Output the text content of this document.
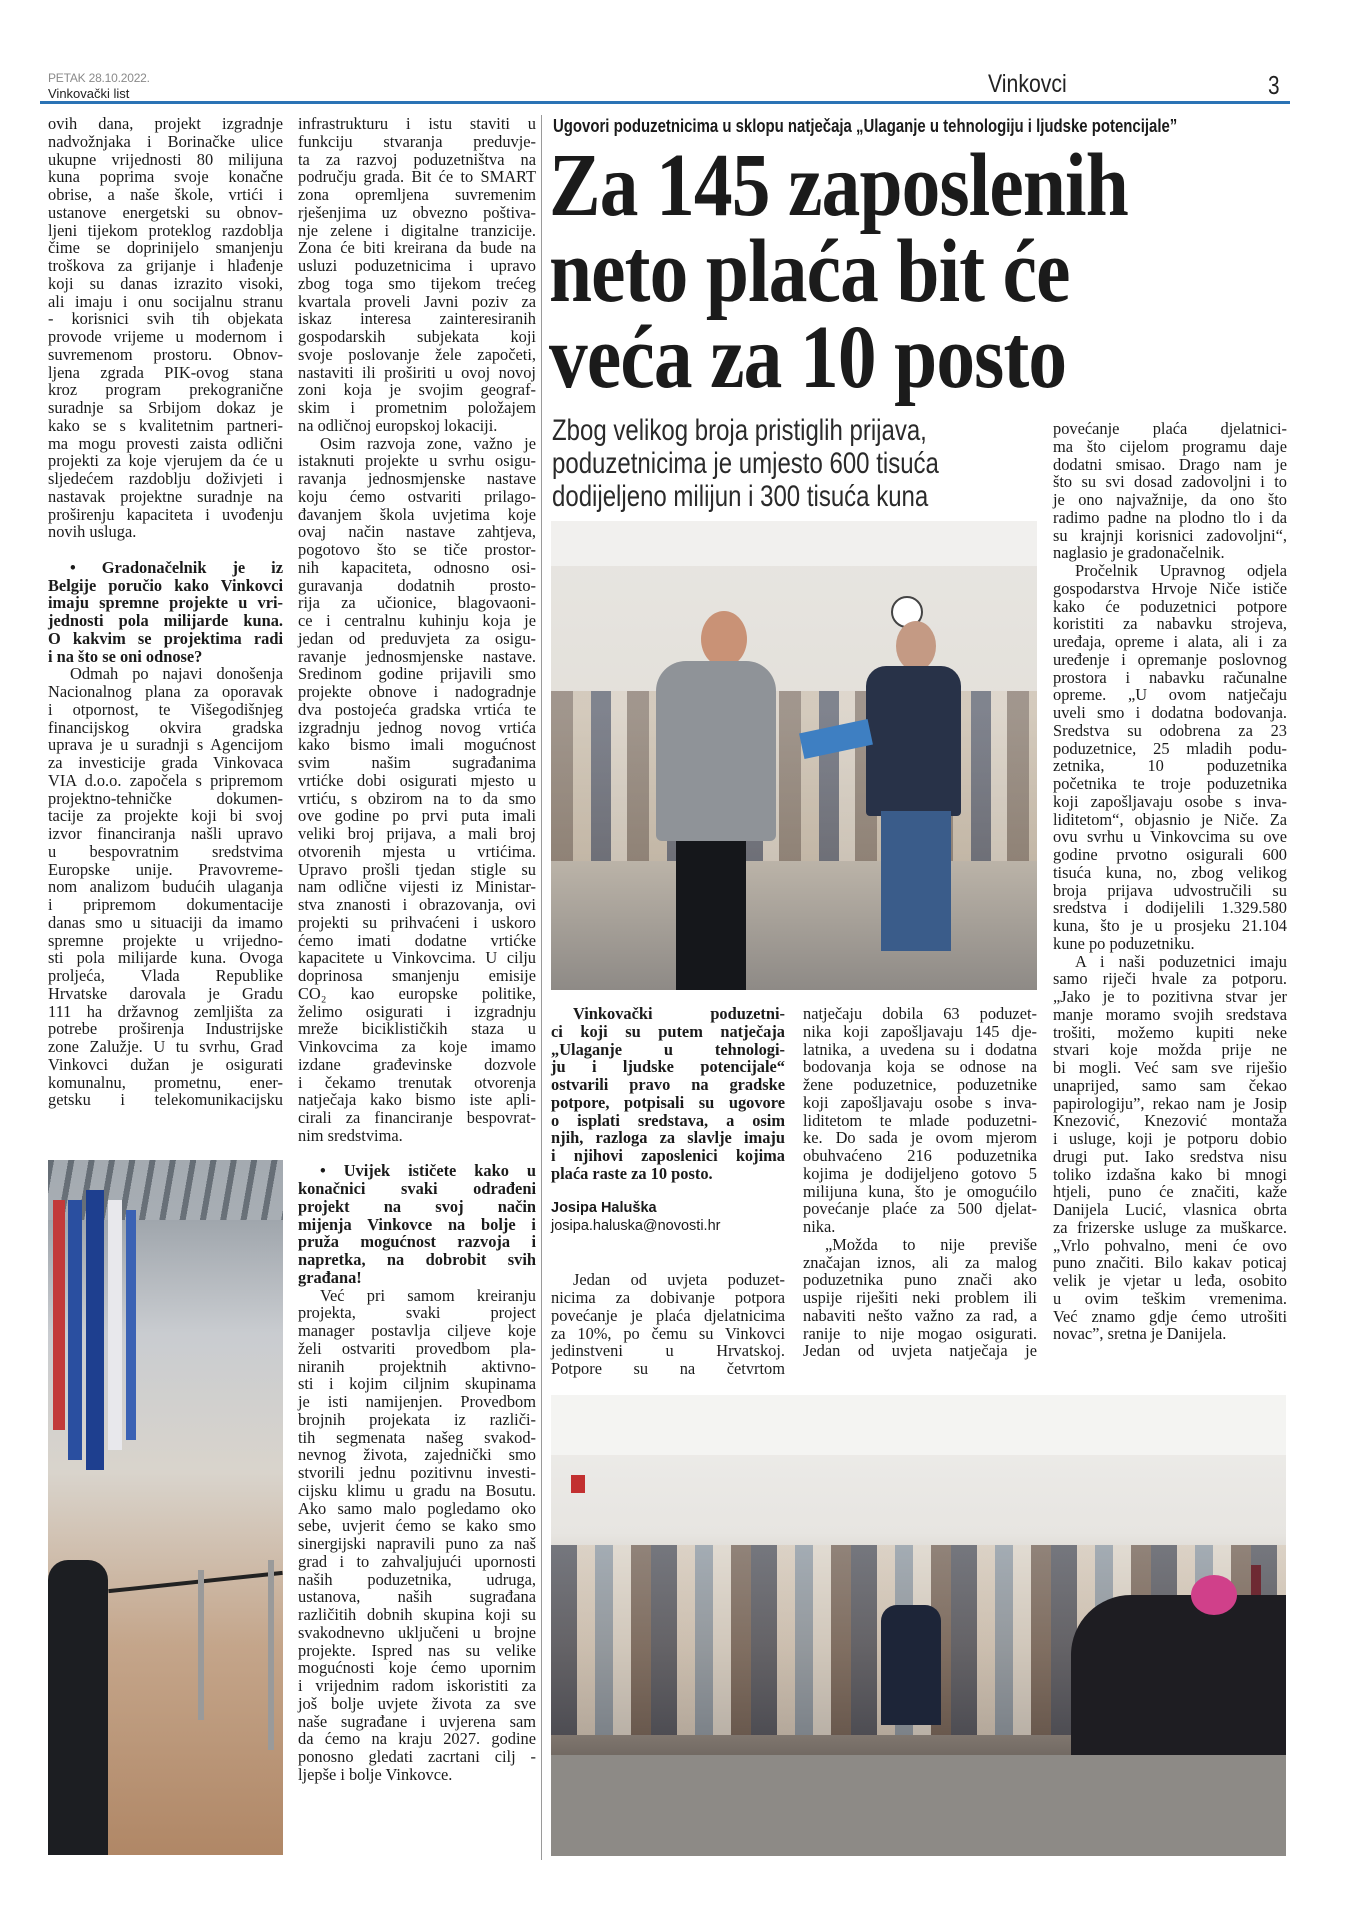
PETAK 28.10.2022.
Vinkovački list	Vinkovci	3
ovih dana, projekt izgradnje
nadvožnjaka i Borinačke ulice
ukupne vrijednosti 80 milijuna
kuna poprima svoje konačne
obrise, a naše škole, vrtići i
ustanove energetski su obnov-
ljeni tijekom proteklog razdoblja
čime se doprinijelo smanjenju
troškova za grijanje i hlađenje
koji su danas izrazito visoki,
ali imaju i onu socijalnu stranu
- korisnici svih tih objekata
provode vrijeme u modernom i
suvremenom prostoru. Obnov-
ljena zgrada PIK-ovog stana
kroz program prekogranične
suradnje sa Srbijom dokaz je
kako se s kvalitetnim partneri-
ma mogu provesti zaista odlični
projekti za koje vjerujem da će u
sljedećem razdoblju doživjeti i
nastavak projektne suradnje na
proširenju kapaciteta i uvođenju
novih usluga.
• Gradonačelnik je iz
Belgije poručio kako Vinkovci
imaju spremne projekte u vri-
jednosti pola milijarde kuna.
O kakvim se projektima radi
i na što se oni odnose?
Odmah po najavi donošenja
Nacionalnog plana za oporavak
i otpornost, te Višegodišnjeg
financijskog okvira gradska
uprava je u suradnji s Agencijom
za investicije grada Vinkovaca
VIA d.o.o. započela s pripremom
projektno-tehničke dokumen-
tacije za projekte koji bi svoj
izvor financiranja našli upravo
u bespovratnim sredstvima
Europske unije. Pravovreme-
nom analizom budućih ulaganja
i pripremom dokumentacije
danas smo u situaciji da imamo
spremne projekte u vrijedno-
sti pola milijarde kuna. Ovoga
proljeća, Vlada Republike
Hrvatske darovala je Gradu
111 ha državnog zemljišta za
potrebe proširenja Industrijske
zone Zalužje. U tu svrhu, Grad
Vinkovci dužan je osigurati
komunalnu, prometnu, ener-
getsku i telekomunikacijsku
infrastrukturu i istu staviti u
funkciju stvaranja preduvje-
ta za razvoj poduzetništva na
području grada. Bit će to SMART
zona opremljena suvremenim
rješenjima uz obvezno poštiva-
nje zelene i digitalne tranzicije.
Zona će biti kreirana da bude na
usluzi poduzetnicima i upravo
zbog toga smo tijekom trećeg
kvartala proveli Javni poziv za
iskaz interesa zainteresiranih
gospodarskih subjekata koji
svoje poslovanje žele započeti,
nastaviti ili proširiti u ovoj novoj
zoni koja je svojim geograf-
skim i prometnim položajem
na odličnoj europskoj lokaciji.
Osim razvoja zone, važno je
istaknuti projekte u svrhu osigu-
ravanja jednosmjenske nastave
koju ćemo ostvariti prilago-
đavanjem škola uvjetima koje
ovaj način nastave zahtjeva,
pogotovo što se tiče prostor-
nih kapaciteta, odnosno osi-
guravanja dodatnih prosto-
rija za učionice, blagovaoni-
ce i centralnu kuhinju koja je
jedan od preduvjeta za osigu-
ravanje jednosmjenske nastave.
Sredinom godine prijavili smo
projekte obnove i nadogradnje
dva postojeća gradska vrtića te
izgradnju jednog novog vrtića
kako bismo imali mogućnost
svim našim sugrađanima
vrtićke dobi osigurati mjesto u
vrtiću, s obzirom na to da smo
ove godine po prvi puta imali
veliki broj prijava, a mali broj
otvorenih mjesta u vrtićima.
Upravo prošli tjedan stigle su
nam odlične vijesti iz Ministar-
stva znanosti i obrazovanja, ovi
projekti su prihvaćeni i uskoro
ćemo imati dodatne vrtićke
kapacitete u Vinkovcima. U cilju
doprinosa smanjenju emisije
CO₂ kao europske politike,
želimo osigurati i izgradnju
mreže biciklističkih staza u
Vinkovcima za koje imamo
izdane građevinske dozvole
i čekamo trenutak otvorenja
natječaja kako bismo iste apli-
cirali za financiranje bespovrat-
nim sredstvima.
• Uvijek ističete kako u
konačnici svaki odrađeni
projekt na svoj način
mijenja Vinkovce na bolje i
pruža mogućnost razvoja i
napretka, na dobrobit svih
građana!
Već pri samom kreiranju
projekta, svaki project
manager postavlja ciljeve koje
želi ostvariti provedbom pla-
niranih projektnih aktivno-
sti i kojim ciljnim skupinama
je isti namijenjen. Provedbom
brojnih projekata iz različi-
tih segmenata našeg svakod-
nevnog života, zajednički smo
stvorili jednu pozitivnu investi-
cijsku klimu u gradu na Bosutu.
Ako samo malo pogledamo oko
sebe, uvjerit ćemo se kako smo
sinergijski napravili puno za naš
grad i to zahvaljujući upornosti
naših poduzetnika, udruga,
ustanova, naših sugrađana
različitih dobnih skupina koji su
svakodnevno uključeni u brojne
projekte. Ispred nas su velike
mogućnosti koje ćemo upornim
i vrijednim radom iskoristiti za
još bolje uvjete života za sve
naše sugrađane i uvjerena sam
da ćemo na kraju 2027. godine
ponosno gledati zacrtani cilj -
ljepše i bolje Vinkovce.
Ugovori poduzetnicima u sklopu natječaja „Ulaganje u tehnologiju i ljudske potencijale”
Za 145 zaposlenih
neto plaća bit će
veća za 10 posto
Zbog velikog broja pristiglih prijava,
poduzetnicima je umjesto 600 tisuća
dodijeljeno milijun i 300 tisuća kuna
Vinkovački poduzetni-
ci koji su putem natječaja
„Ulaganje u tehnologi-
ju i ljudske potencijale“
ostvarili pravo na gradske
potpore, potpisali su ugovore
o isplati sredstava, a osim
njih, razloga za slavlje imaju
i njihovi zaposlenici kojima
plaća raste za 10 posto.
Josipa Haluška
josipa.haluska@novosti.hr
Jedan od uvjeta poduzet-
nicima za dobivanje potpora
povećanje je plaća djelatnicima
za 10%, po čemu su Vinkovci
jedinstveni u Hrvatskoj.
Potpore su na četvrtom
natječaju dobila 63 poduzet-
nika koji zapošljavaju 145 dje-
latnika, a uvedena su i dodatna
bodovanja koja se odnose na
žene poduzetnice, poduzetnike
koji zapošljavaju osobe s inva-
liditetom te mlade poduzetni-
ke. Do sada je ovom mjerom
obuhvaćeno 216 poduzetnika
kojima je dodijeljeno gotovo 5
milijuna kuna, što je omogućilo
povećanje plaće za 500 djelat-
nika.
„Možda to nije previše
značajan iznos, ali za malog
poduzetnika puno znači ako
uspije riješiti neki problem ili
nabaviti nešto važno za rad, a
ranije to nije mogao osigurati.
Jedan od uvjeta natječaja je
povećanje plaća djelatnici-
ma što cijelom programu daje
dodatni smisao. Drago nam je
što su svi dosad zadovoljni i to
je ono najvažnije, da ono što
radimo padne na plodno tlo i da
su krajnji korisnici zadovoljni“,
naglasio je gradonačelnik.
Pročelnik Upravnog odjela
gospodarstva Hrvoje Niče ističe
kako će poduzetnici potpore
koristiti za nabavku strojeva,
uređaja, opreme i alata, ali i za
uređenje i opremanje poslovnog
prostora i nabavku računalne
opreme. „U ovom natječaju
uveli smo i dodatna bodovanja.
Sredstva su odobrena za 23
poduzetnice, 25 mladih podu-
zetnika, 10 poduzetnika
početnika te troje poduzetnika
koji zapošljavaju osobe s inva-
liditetom“, objasnio je Niče. Za
ovu svrhu u Vinkovcima su ove
godine prvotno osigurali 600
tisuća kuna, no, zbog velikog
broja prijava udvostručili su
sredstva i dodijelili 1.329.580
kuna, što je u prosjeku 21.104
kune po poduzetniku.
A i naši poduzetnici imaju
samo riječi hvale za potporu.
„Jako je to pozitivna stvar jer
manje moramo svojih sredstava
trošiti, možemo kupiti neke
stvari koje možda prije ne
bi mogli. Već sam sve riješio
unaprijed, samo sam čekao
papirologiju”, rekao nam je Josip
Knezović, Knezović montaža
i usluge, koji je potporu dobio
drugi put. Iako sredstva nisu
toliko izdašna kako bi mnogi
htjeli, puno će značiti, kaže
Danijela Lucić, vlasnica obrta
za frizerske usluge za muškarce.
„Vrlo pohvalno, meni će ovo
puno značiti. Bilo kakav poticaj
velik je vjetar u leđa, osobito
u ovim teškim vremenima.
Već znamo gdje ćemo utrošiti
novac”, sretna je Danijela.
